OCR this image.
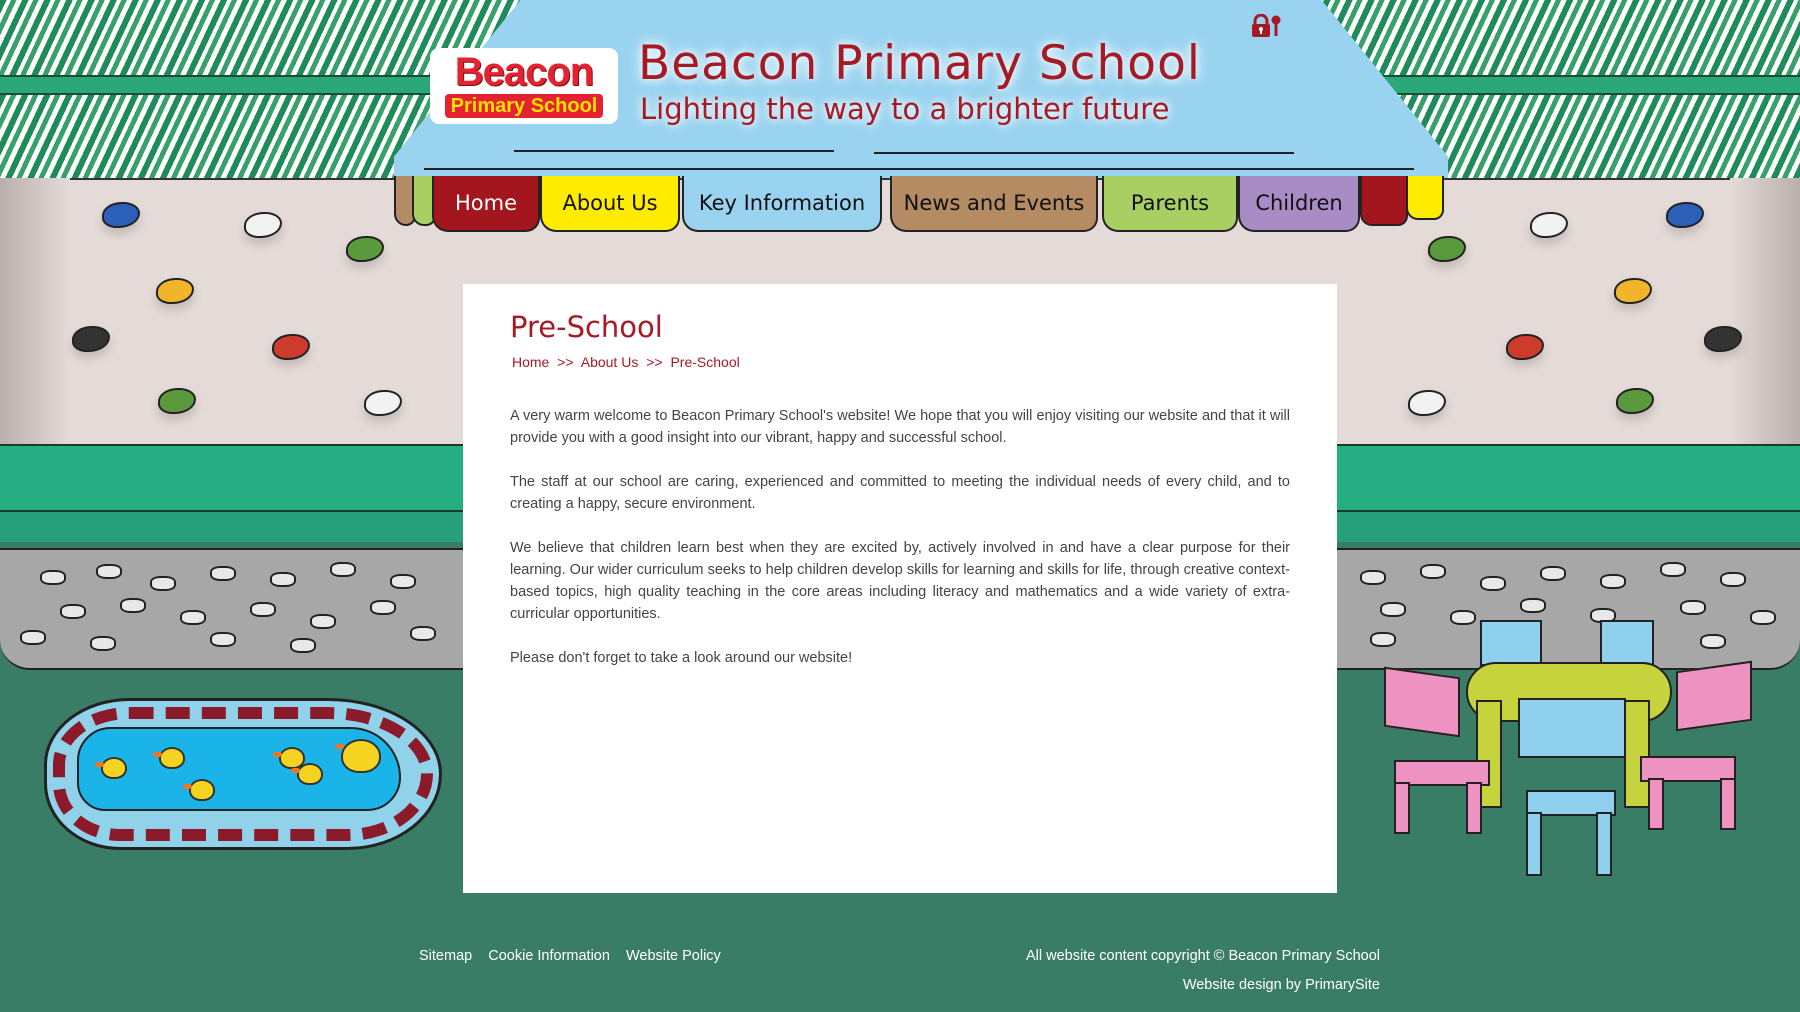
Beacon
Primary School
Beacon Primary School
Lighting the way to a brighter future
Home About Us Key Information News and Events Parents Children
Pre-School
Home >> About Us >> Pre-School

A very warm welcome to Beacon Primary School's website! We hope that you will enjoy visiting our website and that it will provide you with a good insight into our vibrant, happy and successful school.

The staff at our school are caring, experienced and committed to meeting the individual needs of every child, and to creating a happy, secure environment.

We believe that children learn best when they are excited by, actively involved in and have a clear purpose for their learning. Our wider curriculum seeks to help children develop skills for learning and skills for life, through creative context-based topics, high quality teaching in the core areas including literacy and mathematics and a wide variety of extra-curricular opportunities.

Please don't forget to take a look around our website!

Sitemap Cookie Information Website Policy	All website content copyright © Beacon Primary School
Website design by PrimarySite
